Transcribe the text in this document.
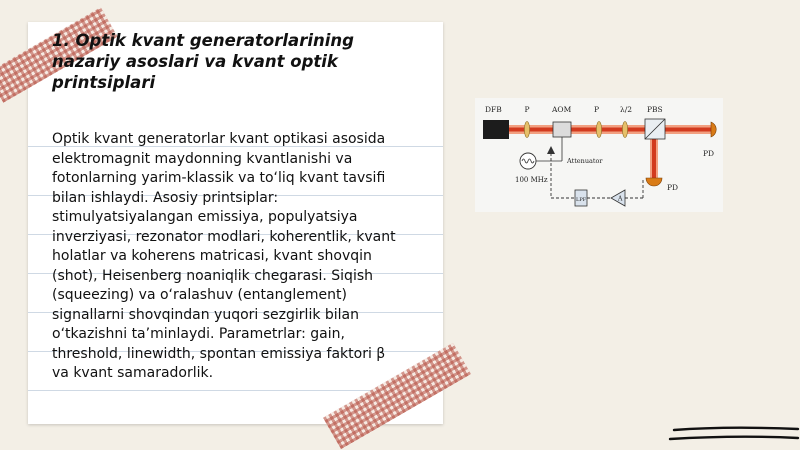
1. Optik kvant generatorlarining nazariy asoslari va kvant optik printsiplari

Optik kvant generatorlar kvant optikasi asosida elektromagnit maydonning kvantlanishi va fotonlarning yarim-klassik va to‘liq kvant tavsifi bilan ishlaydi. Asosiy printsiplar: stimulyatsiyalangan emissiya, populyatsiya inverziyasi, rezonator modlari, koherentlik, kvant holatlar va koherens matricasi, kvant shovqin (shot), Heisenberg noaniqlik chegarasi. Siqish (squeezing) va o‘ralashuv (entanglement) signallarni shovqindan yuqori sezgirlik bilan o‘tkazishni ta’minlaydi. Parametrlar: gain, threshold, linewidth, spontan emissiya faktori β va kvant samaradorlik.

DFB	P	AOM	P	λ/2 PBS
PD
PD
100 MHz
Attenuator
LPF	A
